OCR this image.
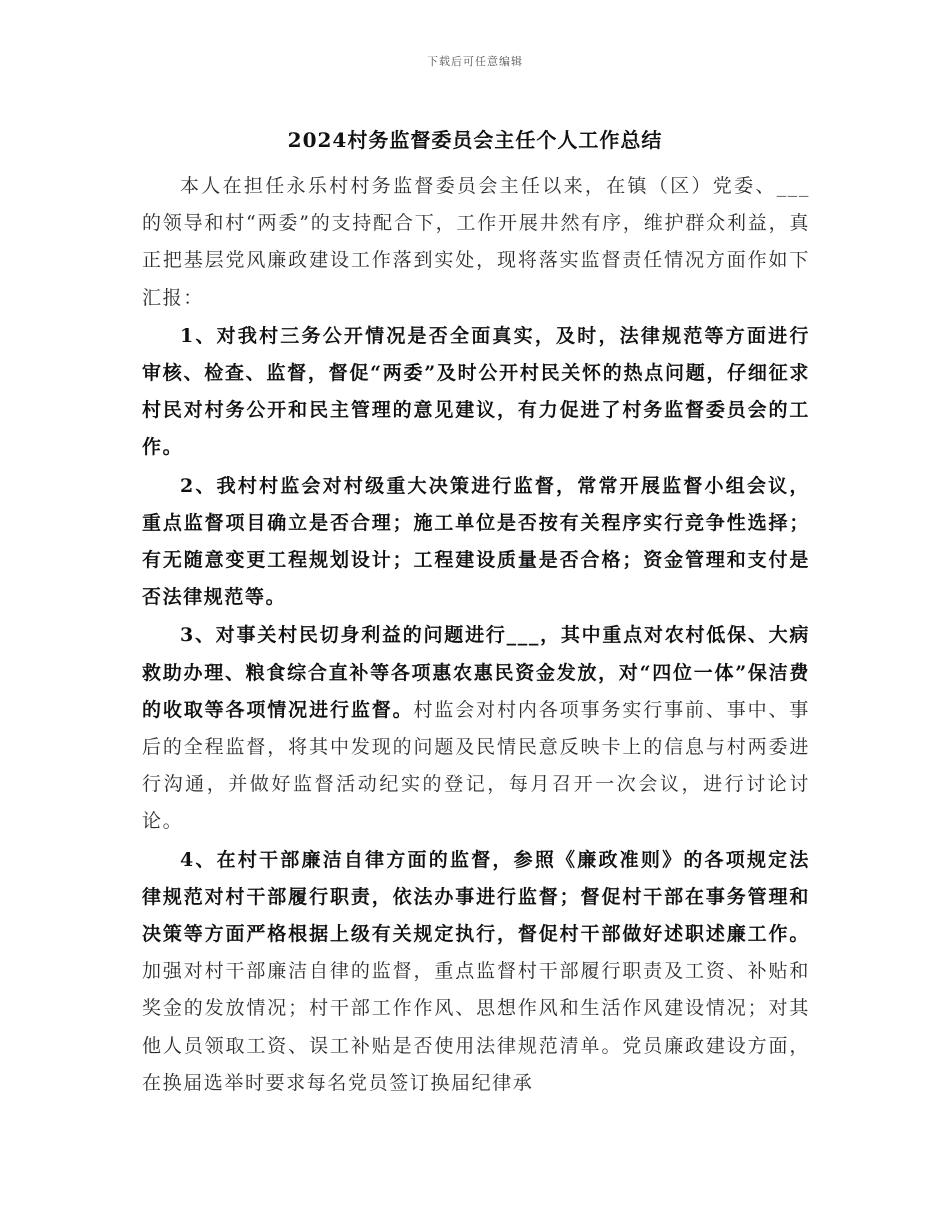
下载后可任意编辑
2024村务监督委员会主任个人工作总结

本人在担任永乐村村务监督委员会主任以来，在镇（区）党委、___的领导和村“两委”的支持配合下，工作开展井然有序，维护群众利益，真正把基层党风廉政建设工作落到实处，现将落实监督责任情况方面作如下汇报：

1、对我村三务公开情况是否全面真实，及时，法律规范等方面进行审核、检查、监督，督促“两委”及时公开村民关怀的热点问题，仔细征求村民对村务公开和民主管理的意见建议，有力促进了村务监督委员会的工作。

2、我村村监会对村级重大决策进行监督，常常开展监督小组会议，重点监督项目确立是否合理；施工单位是否按有关程序实行竞争性选择；有无随意变更工程规划设计；工程建设质量是否合格；资金管理和支付是否法律规范等。

3、对事关村民切身利益的问题进行___，其中重点对农村低保、大病救助办理、粮食综合直补等各项惠农惠民资金发放，对“四位一体”保洁费的收取等各项情况进行监督。村监会对村内各项事务实行事前、事中、事后的全程监督，将其中发现的问题及民情民意反映卡上的信息与村两委进行沟通，并做好监督活动纪实的登记，每月召开一次会议，进行讨论讨论。

4、在村干部廉洁自律方面的监督，参照《廉政准则》的各项规定法律规范对村干部履行职责，依法办事进行监督；督促村干部在事务管理和决策等方面严格根据上级有关规定执行，督促村干部做好述职述廉工作。加强对村干部廉洁自律的监督，重点监督村干部履行职责及工资、补贴和奖金的发放情况；村干部工作作风、思想作风和生活作风建设情况；对其他人员领取工资、误工补贴是否使用法律规范清单。党员廉政建设方面，在换届选举时要求每名党员签订换届纪律承
